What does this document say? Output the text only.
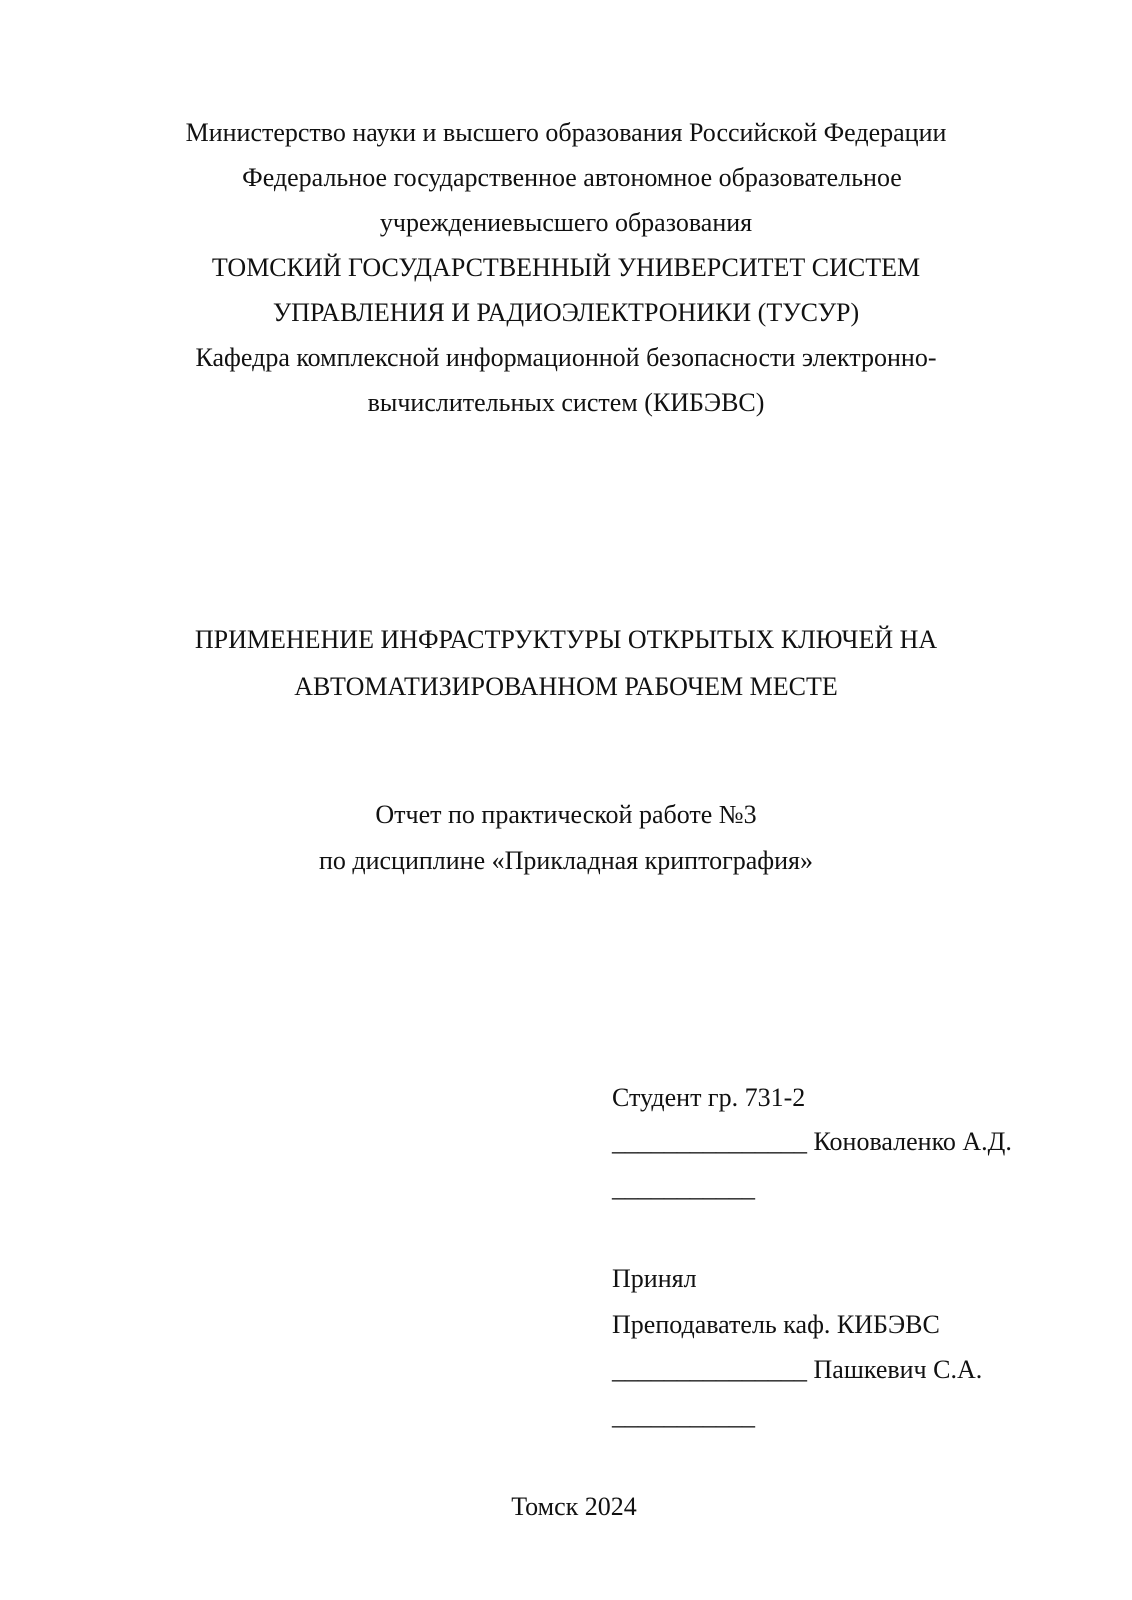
Министерство науки и высшего образования Российской Федерации
Федеральное государственное автономное образовательное
учреждениевысшего образования
ТОМСКИЙ ГОСУДАРСТВЕННЫЙ УНИВЕРСИТЕТ СИСТЕМ
УПРАВЛЕНИЯ И РАДИОЭЛЕКТРОНИКИ (ТУСУР)
Кафедра комплексной информационной безопасности электронно-
вычислительных систем (КИБЭВС)
ПРИМЕНЕНИЕ ИНФРАСТРУКТУРЫ ОТКРЫТЫХ КЛЮЧЕЙ НА
АВТОМАТИЗИРОВАННОМ РАБОЧЕМ МЕСТЕ
Отчет по практической работе №3
по дисциплине «Прикладная криптография»
Студент гр. 731-2
_______________ Коноваленко А.Д.
___________
Принял
Преподаватель каф. КИБЭВС
_______________ Пашкевич С.А.
___________
Томск 2024
